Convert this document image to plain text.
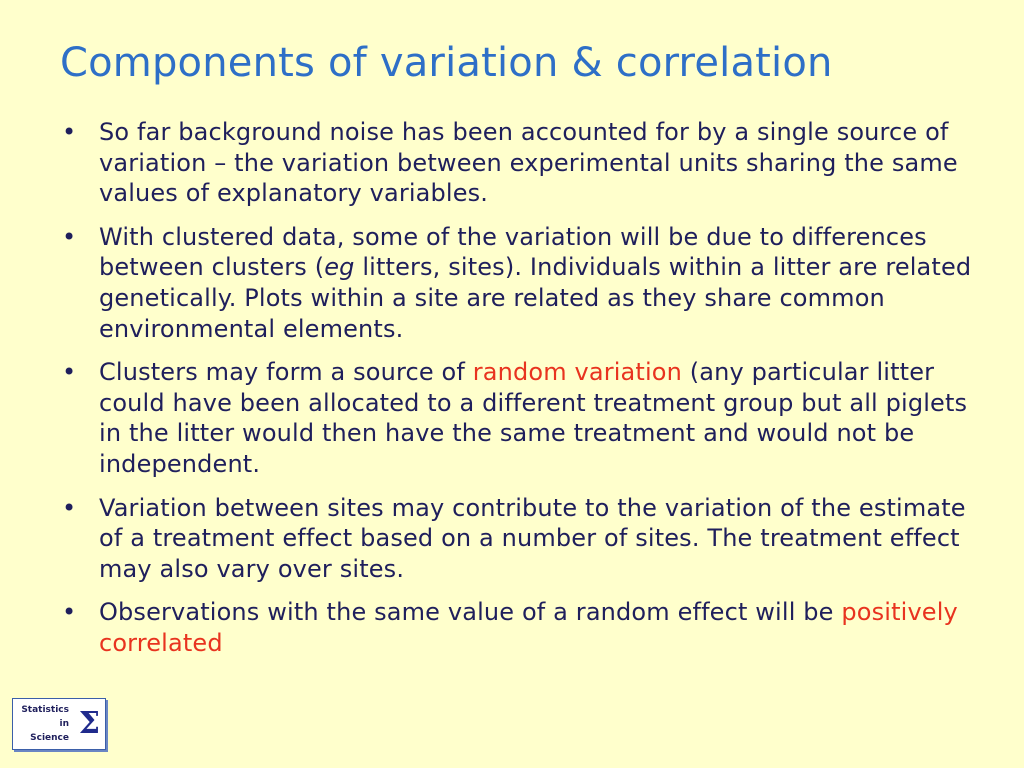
Components of variation & correlation
• So far background noise has been accounted for by a single source of variation – the variation between experimental units sharing the same values of explanatory variables.
• With clustered data, some of the variation will be due to differences between clusters (eg litters, sites). Individuals within a litter are related genetically. Plots within a site are related as they share common environmental elements.
• Clusters may form a source of random variation (any particular litter could have been allocated to a different treatment group but all piglets in the litter would then have the same treatment and would not be independent.
• Variation between sites may contribute to the variation of the estimate of a treatment effect based on a number of sites. The treatment effect may also vary over sites.
• Observations with the same value of a random effect will be positively correlated
Statistics
in
Science Σ
